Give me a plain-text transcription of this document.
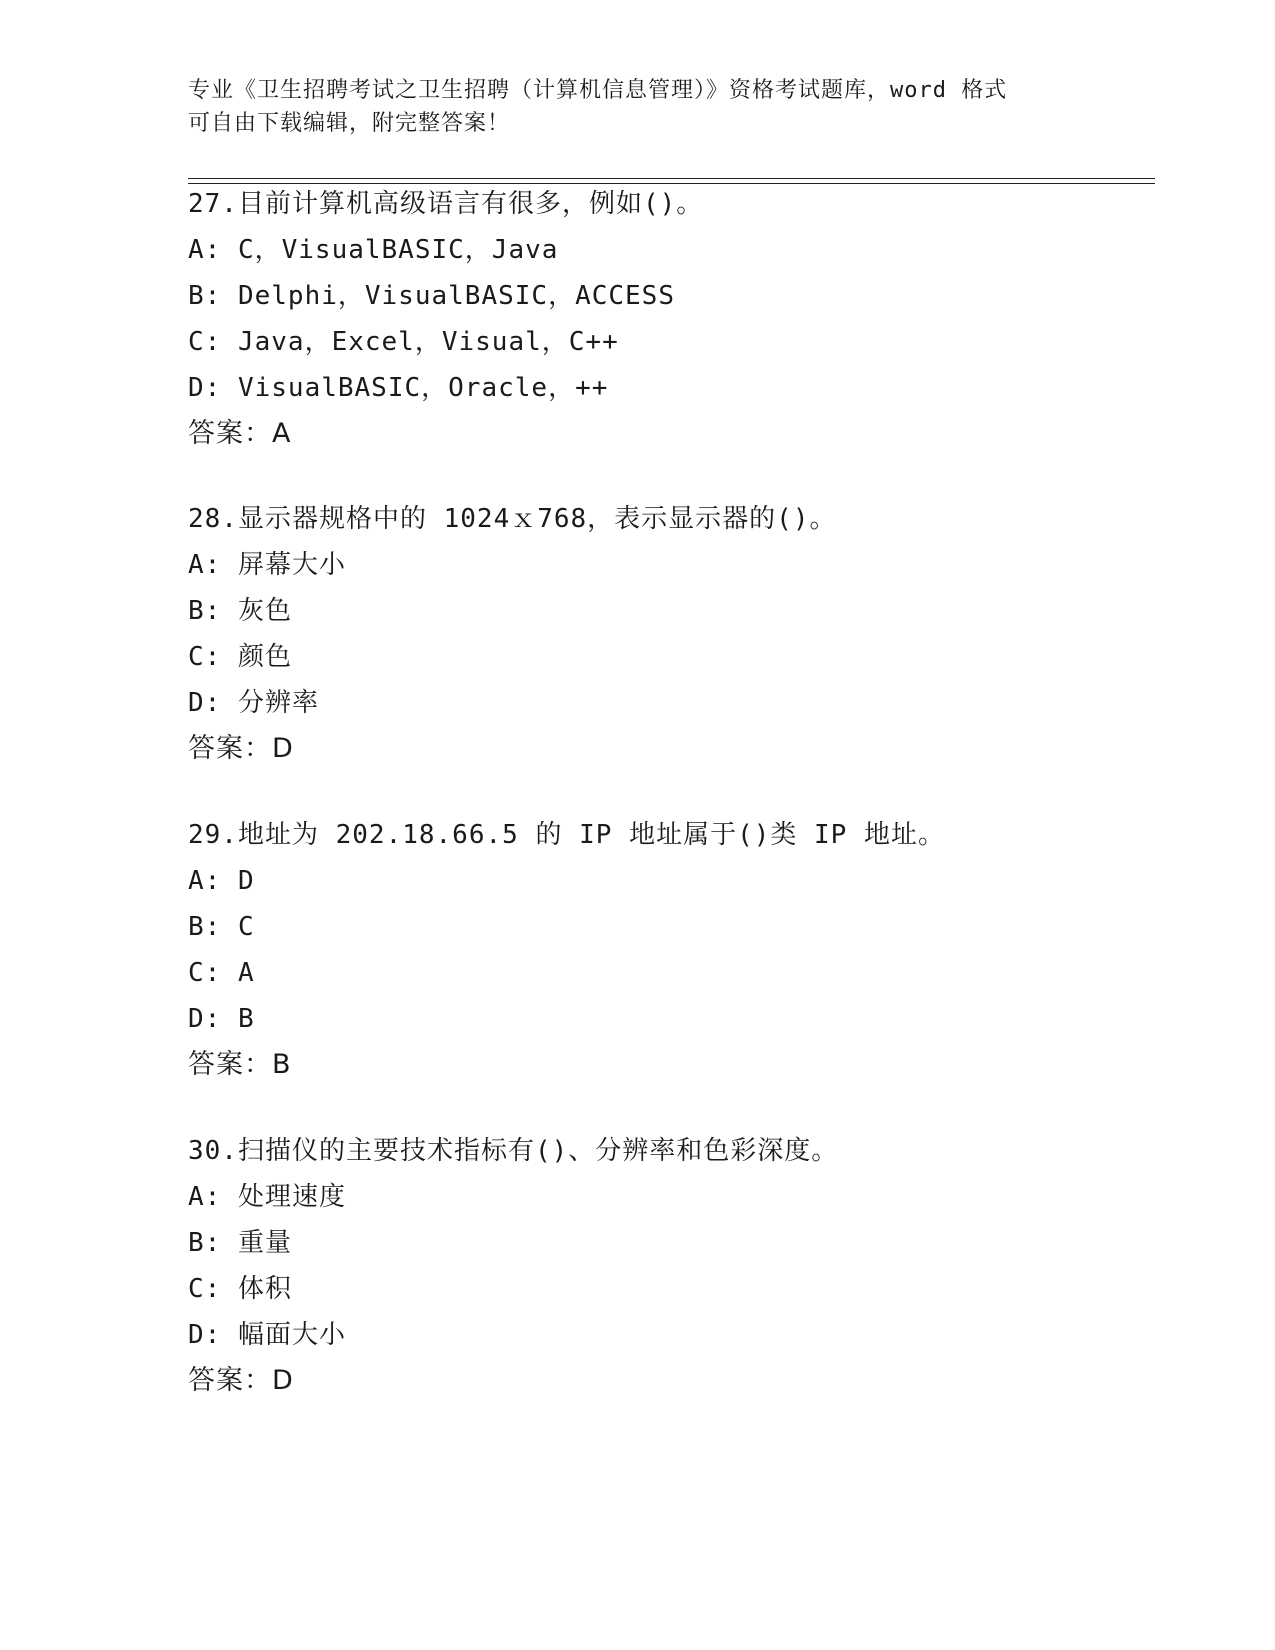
专业《卫生招聘考试之卫生招聘（计算机信息管理）》资格考试题库，word 格式
可自由下载编辑，附完整答案！
27.目前计算机高级语言有很多，例如()。
A: C，VisualBASIC，Java
B: Delphi，VisualBASIC，ACCESS
C: Java，Excel，Visual，C++
D: VisualBASIC，Oracle，++
答案：A
28.显示器规格中的 1024ｘ768，表示显示器的()。
A: 屏幕大小
B: 灰色
C: 颜色
D: 分辨率
答案：D
29.地址为 202.18.66.5 的 IP 地址属于()类 IP 地址。
A: D
B: C
C: A
D: B
答案：B
30.扫描仪的主要技术指标有()、分辨率和色彩深度。
A: 处理速度
B: 重量
C: 体积
D: 幅面大小
答案：D
